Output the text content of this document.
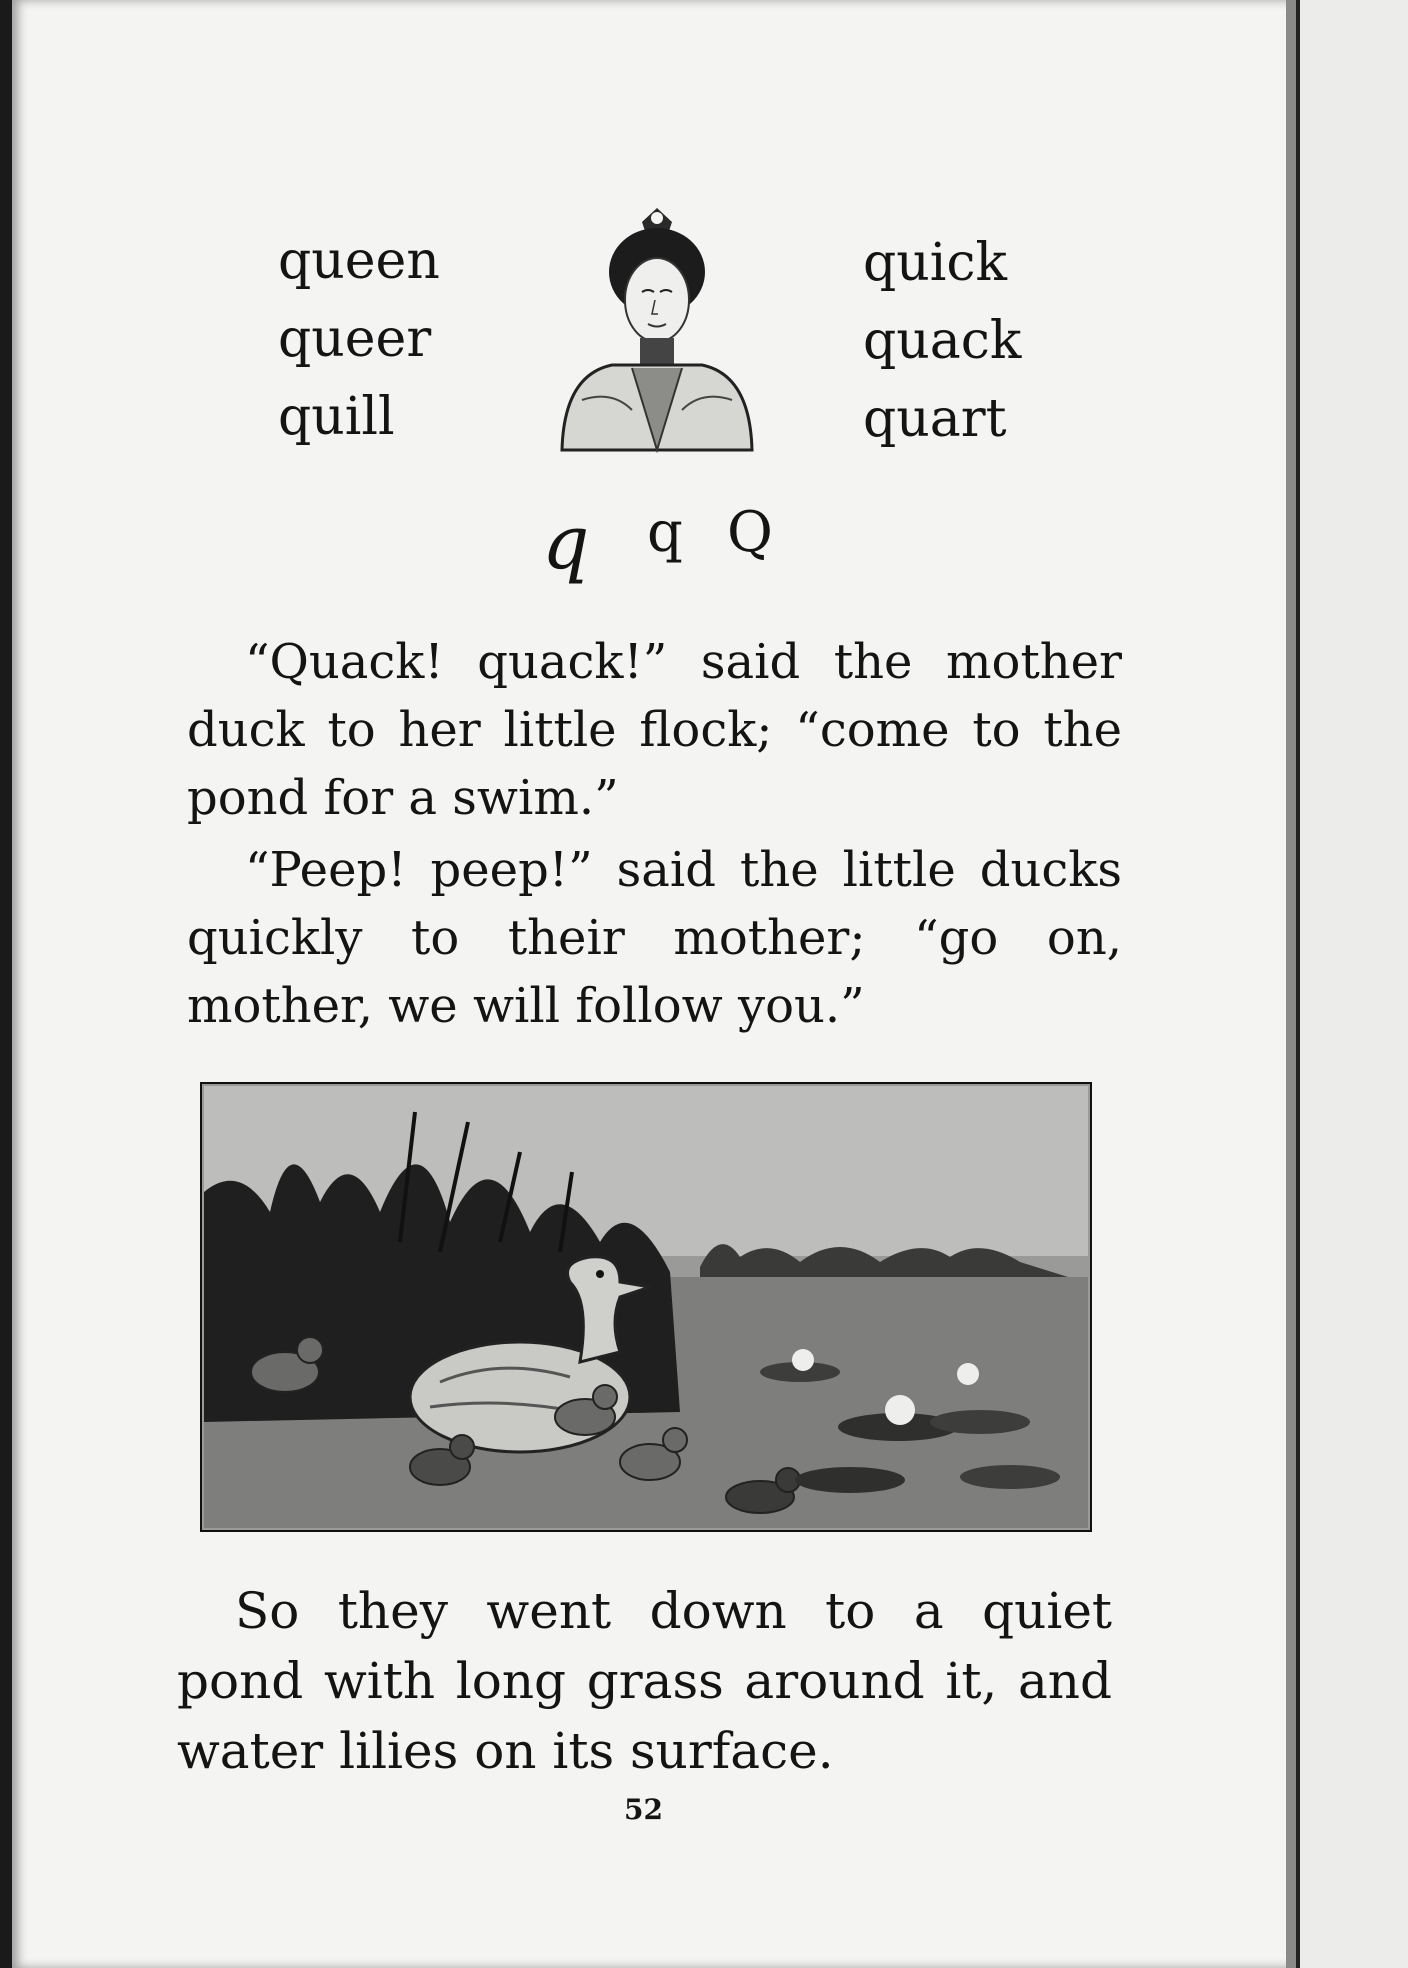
queen
queer
quill
quick
quack
quart
q q Q

“Quack! quack!” said the mother duck to her little flock; “come to the pond for a swim.”

“Peep! peep!” said the little ducks quickly to their mother; “go on, mother, we will follow you.”

So they went down to a quiet pond with long grass around it, and water lilies on its surface.

52
